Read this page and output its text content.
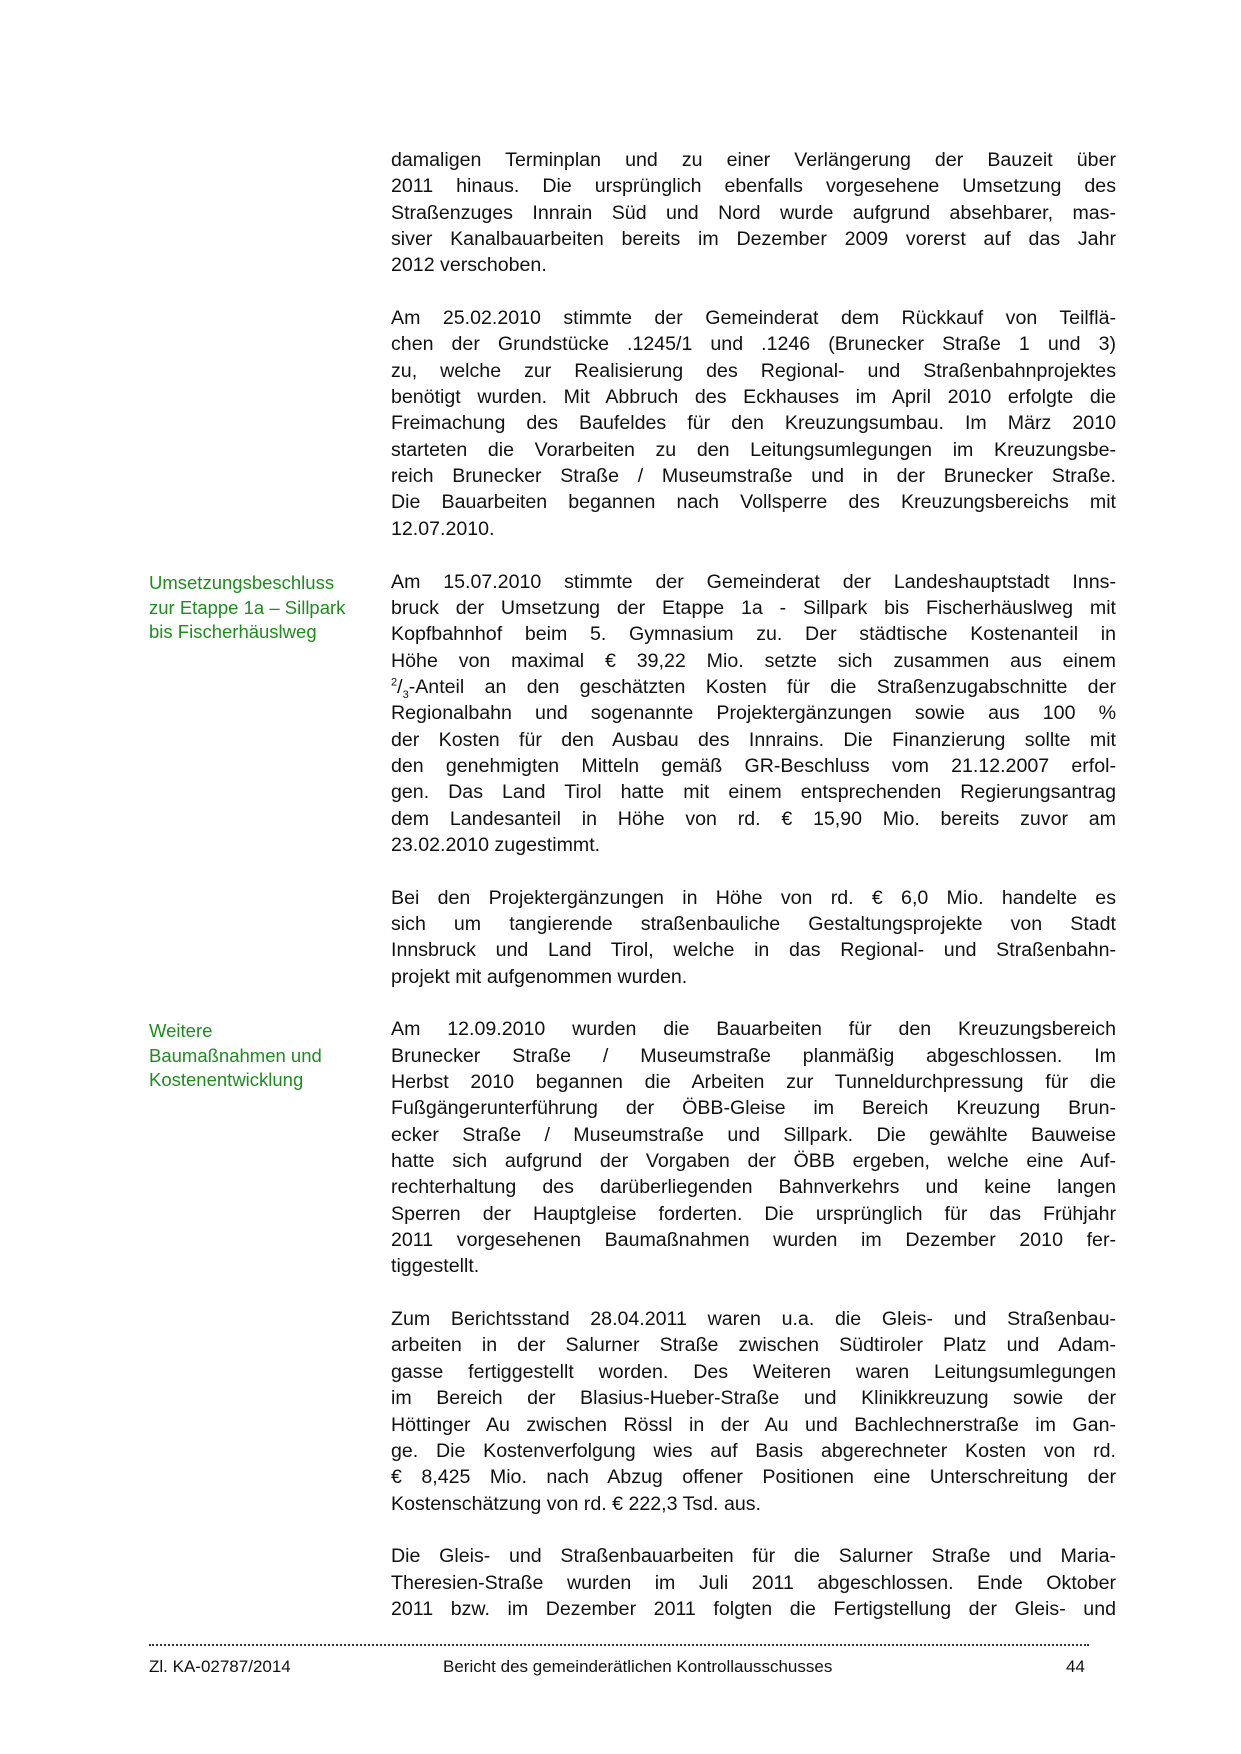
damaligen Terminplan und zu einer Verlängerung der Bauzeit über
2011 hinaus. Die ursprünglich ebenfalls vorgesehene Umsetzung des
Straßenzuges Innrain Süd und Nord wurde aufgrund absehbarer, mas-
siver Kanalbauarbeiten bereits im Dezember 2009 vorerst auf das Jahr
2012 verschoben.
Am 25.02.2010 stimmte der Gemeinderat dem Rückkauf von Teilflä-
chen der Grundstücke .1245/1 und .1246 (Brunecker Straße 1 und 3)
zu, welche zur Realisierung des Regional- und Straßenbahnprojektes
benötigt wurden. Mit Abbruch des Eckhauses im April 2010 erfolgte die
Freimachung des Baufeldes für den Kreuzungsumbau. Im März 2010
starteten die Vorarbeiten zu den Leitungsumlegungen im Kreuzungsbe-
reich Brunecker Straße / Museumstraße und in der Brunecker Straße.
Die Bauarbeiten begannen nach Vollsperre des Kreuzungsbereichs mit
12.07.2010.
Am 15.07.2010 stimmte der Gemeinderat der Landeshauptstadt Inns-
bruck der Umsetzung der Etappe 1a - Sillpark bis Fischerhäuslweg mit
Kopfbahnhof beim 5. Gymnasium zu. Der städtische Kostenanteil in
Höhe von maximal € 39,22 Mio. setzte sich zusammen aus einem
$^2/_3$-Anteil an den geschätzten Kosten für die Straßenzugabschnitte der
Regionalbahn und sogenannte Projektergänzungen sowie aus 100 %
der Kosten für den Ausbau des Innrains. Die Finanzierung sollte mit
den genehmigten Mitteln gemäß GR-Beschluss vom 21.12.2007 erfol-
gen. Das Land Tirol hatte mit einem entsprechenden Regierungsantrag
dem Landesanteil in Höhe von rd. € 15,90 Mio. bereits zuvor am
23.02.2010 zugestimmt.
Bei den Projektergänzungen in Höhe von rd. € 6,0 Mio. handelte es
sich um tangierende straßenbauliche Gestaltungsprojekte von Stadt
Innsbruck und Land Tirol, welche in das Regional- und Straßenbahn-
projekt mit aufgenommen wurden.
Am 12.09.2010 wurden die Bauarbeiten für den Kreuzungsbereich
Brunecker Straße / Museumstraße planmäßig abgeschlossen. Im
Herbst 2010 begannen die Arbeiten zur Tunneldurchpressung für die
Fußgängerunterführung der ÖBB-Gleise im Bereich Kreuzung Brun-
ecker Straße / Museumstraße und Sillpark. Die gewählte Bauweise
hatte sich aufgrund der Vorgaben der ÖBB ergeben, welche eine Auf-
rechterhaltung des darüberliegenden Bahnverkehrs und keine langen
Sperren der Hauptgleise forderten. Die ursprünglich für das Frühjahr
2011 vorgesehenen Baumaßnahmen wurden im Dezember 2010 fer-
tiggestellt.
Zum Berichtsstand 28.04.2011 waren u.a. die Gleis- und Straßenbau-
arbeiten in der Salurner Straße zwischen Südtiroler Platz und Adam-
gasse fertiggestellt worden. Des Weiteren waren Leitungsumlegungen
im Bereich der Blasius-Hueber-Straße und Klinikkreuzung sowie der
Höttinger Au zwischen Rössl in der Au und Bachlechnerstraße im Gan-
ge. Die Kostenverfolgung wies auf Basis abgerechneter Kosten von rd.
€ 8,425 Mio. nach Abzug offener Positionen eine Unterschreitung der
Kostenschätzung von rd. € 222,3 Tsd. aus.
Die Gleis- und Straßenbauarbeiten für die Salurner Straße und Maria-
Theresien-Straße wurden im Juli 2011 abgeschlossen. Ende Oktober
2011 bzw. im Dezember 2011 folgten die Fertigstellung der Gleis- und
Umsetzungsbeschluss
zur Etappe 1a – Sillpark
bis Fischerhäuslweg
Weitere
Baumaßnahmen und
Kostenentwicklung
Zl. KA-02787/2014	Bericht des gemeinderätlichen Kontrollausschusses	44
